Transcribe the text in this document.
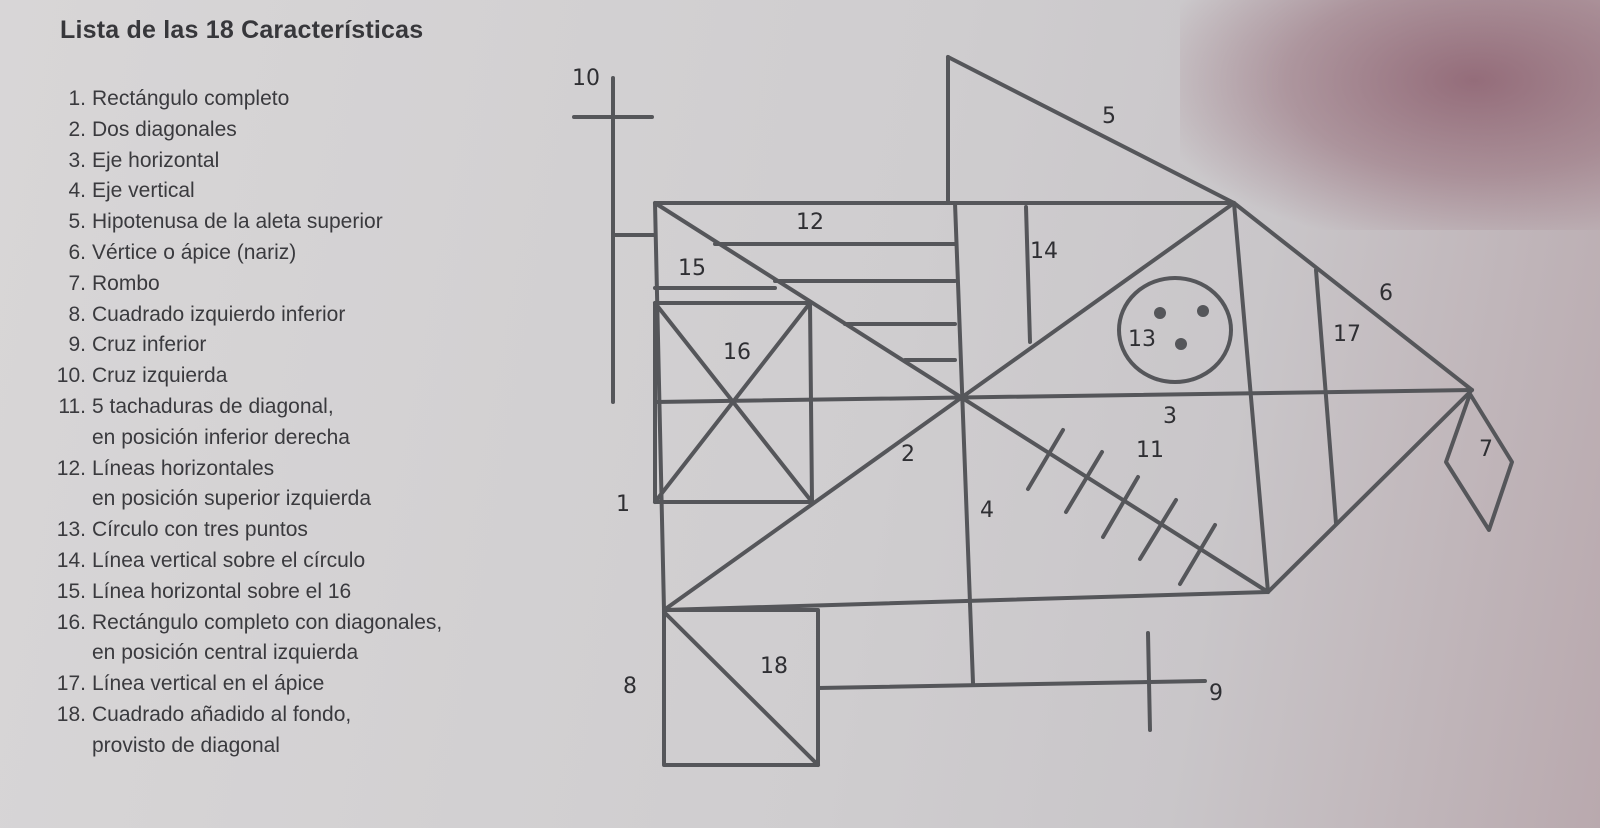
Lista de las 18 Características
1. Rectángulo completo
2. Dos diagonales
3. Eje horizontal
4. Eje vertical
5. Hipotenusa de la aleta superior
6. Vértice o ápice (nariz)
7. Rombo
8. Cuadrado izquierdo inferior
9. Cruz inferior
10. Cruz izquierda
11. 5 tachaduras de diagonal,
en posición inferior derecha
12. Líneas horizontales
en posición superior izquierda
13. Círculo con tres puntos
14. Línea vertical sobre el círculo
15. Línea horizontal sobre el 16
16. Rectángulo completo con diagonales,
en posición central izquierda
17. Línea vertical en el ápice
18. Cuadrado añadido al fondo,
provisto de diagonal
1
2
3
4
5
6
7
8	9
10
11
12
13
14
15
16
17
18
